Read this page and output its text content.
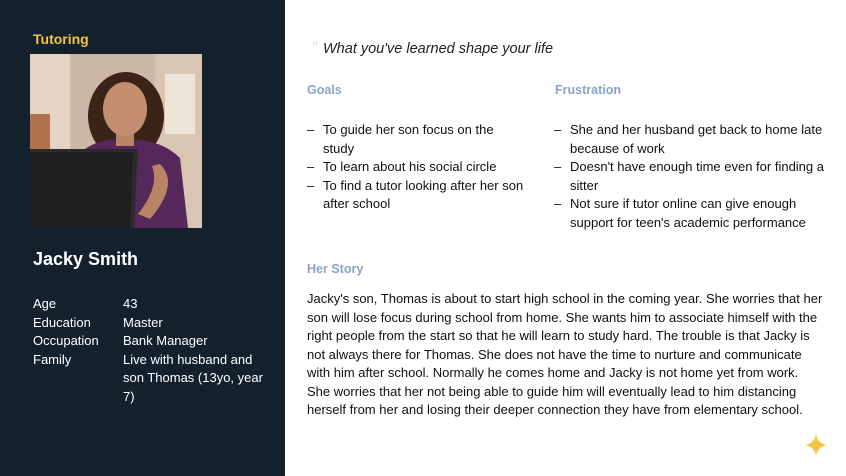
Tutoring
Jacky Smith
Age	43
Education	Master
Occupation	Bank Manager
Family	Live with husband and son Thomas (13yo, year 7)
“ What you've learned shape your life
Goals
– To guide her son focus on the study
– To learn about his social circle
– To find a tutor looking after her son after school
Frustration
– She and her husband get back to home late because of work
– Doesn't have enough time even for finding a sitter
– Not sure if tutor online can give enough support for teen's academic performance
Her Story

Jacky's son, Thomas is about to start high school in the coming year. She worries that her son will lose focus during school from home. She wants him to associate himself with the right people from the start so that he will learn to study hard. The trouble is that Jacky is not always there for Thomas. She does not have the time to nurture and communicate with him after school. Normally he comes home and Jacky is not home yet from work. She worries that her not being able to guide him will eventually lead to him distancing herself from her and losing their deeper connection they have from elementary school.
